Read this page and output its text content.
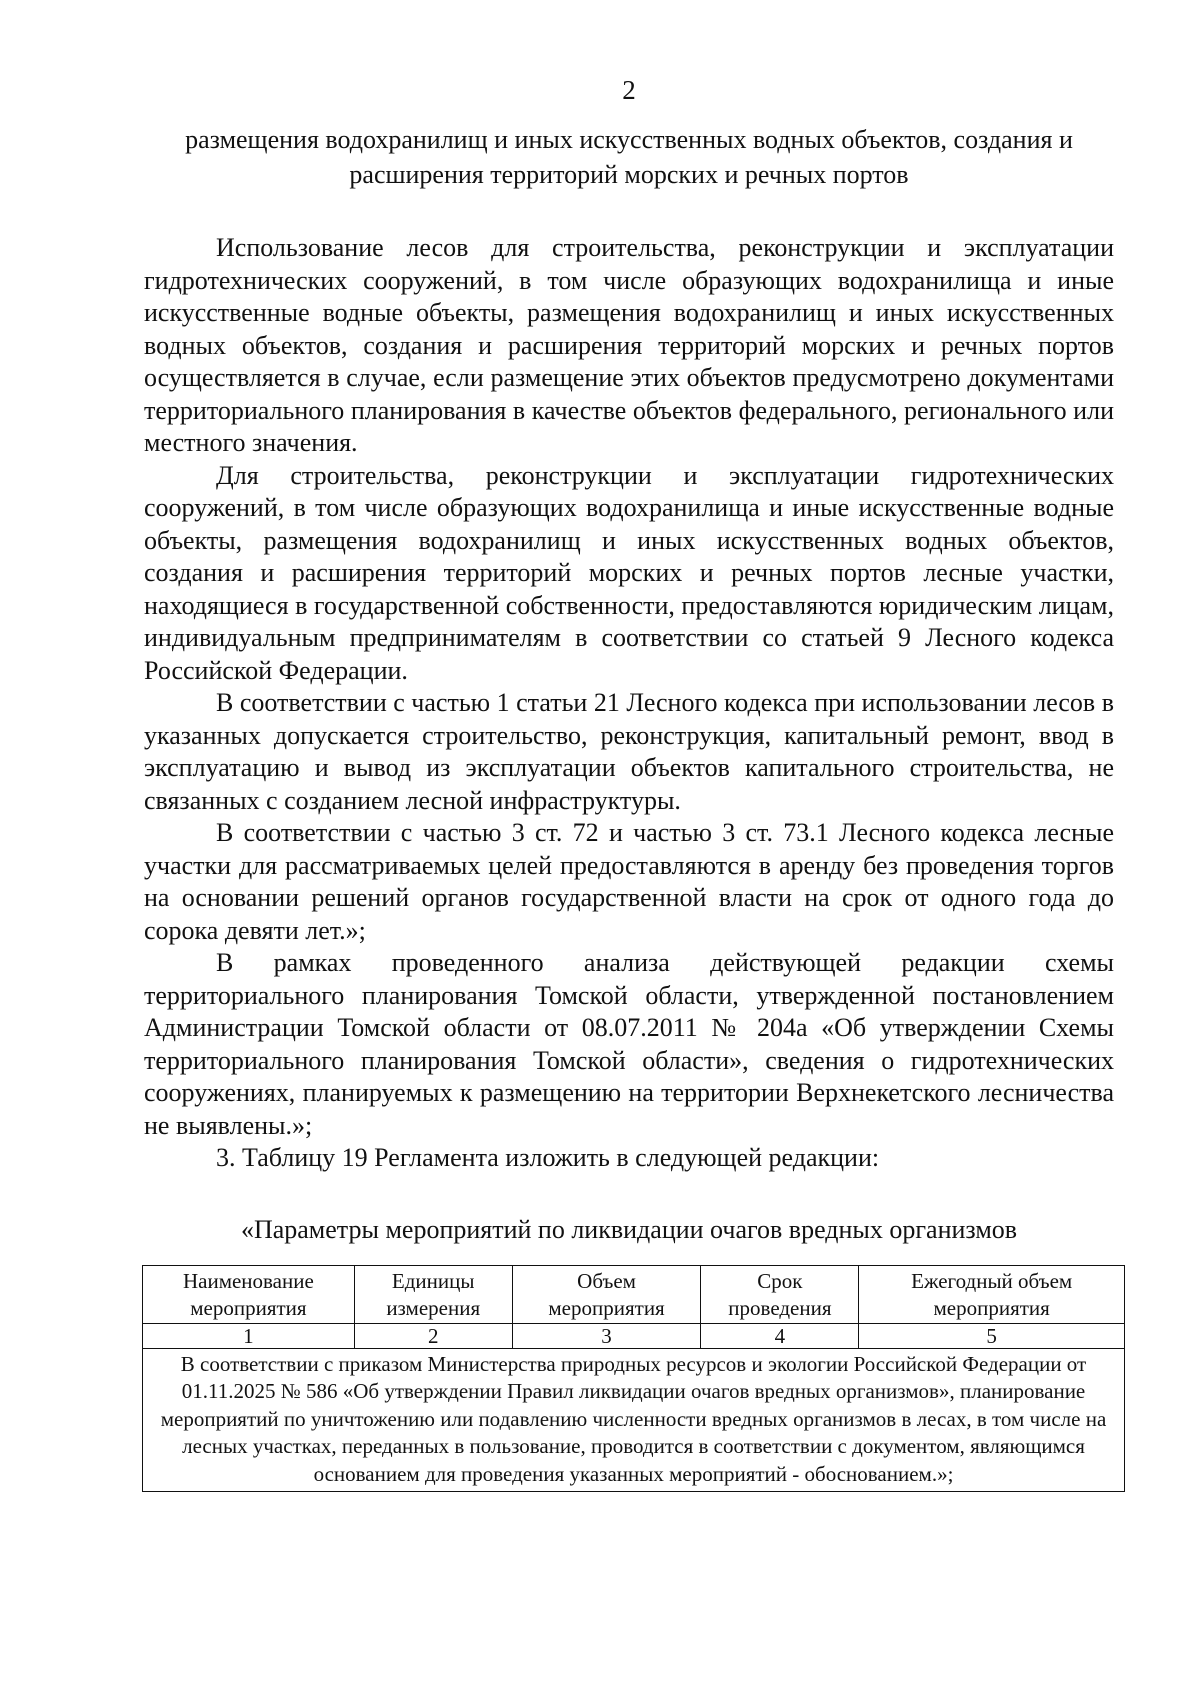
2
размещения водохранилищ и иных искусственных водных объектов, создания и расширения территорий морских и речных портов

Использование лесов для строительства, реконструкции и эксплуатации гидротехнических сооружений, в том числе образующих водохранилища и иные искусственные водные объекты, размещения водохранилищ и иных искусственных водных объектов, создания и расширения территорий морских и речных портов осуществляется в случае, если размещение этих объектов предусмотрено документами территориального планирования в качестве объектов федерального, регионального или местного значения.

Для строительства, реконструкции и эксплуатации гидротехнических сооружений, в том числе образующих водохранилища и иные искусственные водные объекты, размещения водохранилищ и иных искусственных водных объектов, создания и расширения территорий морских и речных портов лесные участки, находящиеся в государственной собственности, предоставляются юридическим лицам, индивидуальным предпринимателям в соответствии со статьей 9 Лесного кодекса Российской Федерации.

В соответствии с частью 1 статьи 21 Лесного кодекса при использовании лесов в указанных допускается строительство, реконструкция, капитальный ремонт, ввод в эксплуатацию и вывод из эксплуатации объектов капитального строительства, не связанных с созданием лесной инфраструктуры.

В соответствии с частью 3 ст. 72 и частью 3 ст. 73.1 Лесного кодекса лесные участки для рассматриваемых целей предоставляются в аренду без проведения торгов на основании решений органов государственной власти на срок от одного года до сорока девяти лет.»;

В рамках проведенного анализа действующей редакции схемы территориального планирования Томской области, утвержденной постановлением Администрации Томской области от 08.07.2011 № 204а «Об утверждении Схемы территориального планирования Томской области», сведения о гидротехнических сооружениях, планируемых к размещению на территории Верхнекетского лесничества не выявлены.»;

3. Таблицу 19 Регламента изложить в следующей редакции:

«Параметры мероприятий по ликвидации очагов вредных организмов
Наименование мероприятия	Единицы измерения	Объем мероприятия	Срок проведения	Ежегодный объем мероприятия
1	2	3	4	5
В соответствии с приказом Министерства природных ресурсов и экологии Российской Федерации от 01.11.2025 № 586 «Об утверждении Правил ликвидации очагов вредных организмов», планирование мероприятий по уничтожению или подавлению численности вредных организмов в лесах, в том числе на лесных участках, переданных в пользование, проводится в соответствии с документом, являющимся основанием для проведения указанных мероприятий - обоснованием.»;				
